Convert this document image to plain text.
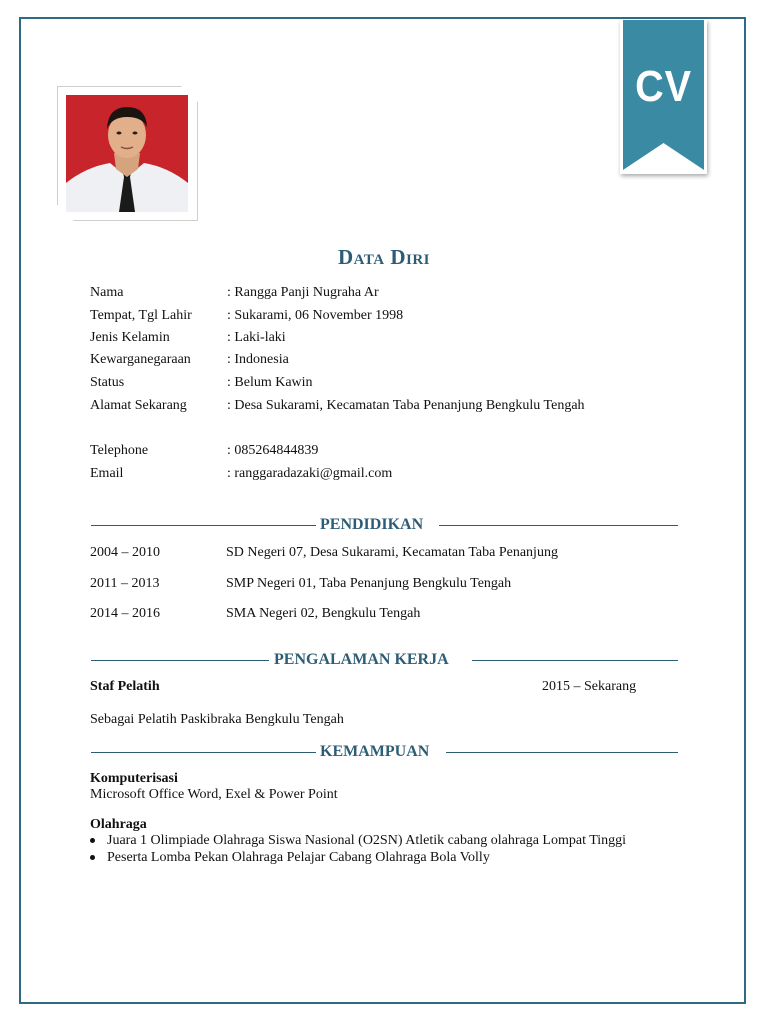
CV
Data Diri
Nama	: Rangga Panji Nugraha Ar
Tempat, Tgl Lahir	: Sukarami, 06 November 1998
Jenis Kelamin	: Laki-laki
Kewarganegaraan	: Indonesia
Status	: Belum Kawin
Alamat Sekarang	: Desa Sukarami, Kecamatan Taba Penanjung Bengkulu Tengah
Telephone	: 085264844839
Email	: ranggaradazaki@gmail.com
PENDIDIKAN
2004 – 2010	SD Negeri 07, Desa Sukarami, Kecamatan Taba Penanjung
2011 – 2013	SMP Negeri 01, Taba Penanjung Bengkulu Tengah
2014 – 2016	SMA Negeri 02, Bengkulu Tengah
PENGALAMAN KERJA
Staf Pelatih	2015 – Sekarang
Sebagai Pelatih Paskibraka Bengkulu Tengah
KEMAMPUAN
Komputerisasi
Microsoft Office Word, Exel & Power Point
Olahraga
Juara 1 Olimpiade Olahraga Siswa Nasional (O2SN) Atletik cabang olahraga Lompat Tinggi
Peserta Lomba Pekan Olahraga Pelajar Cabang Olahraga Bola Volly
